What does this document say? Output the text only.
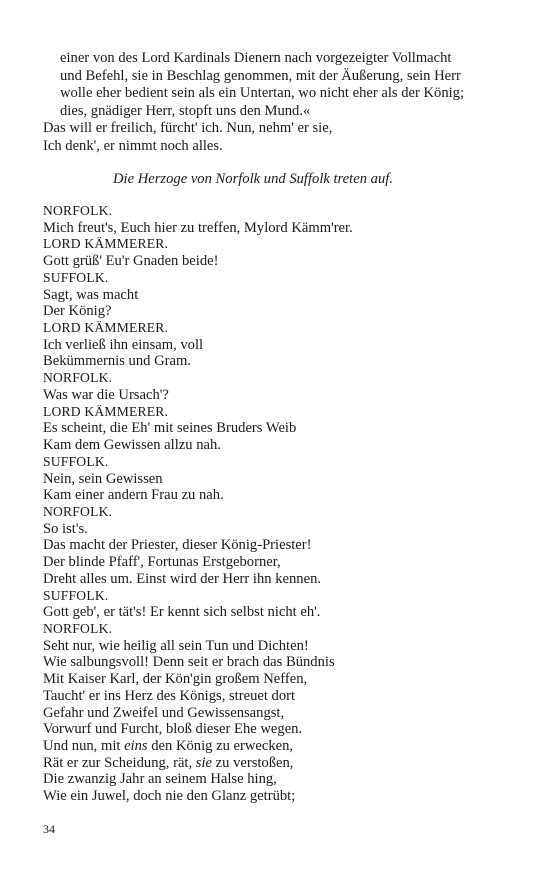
einer von des Lord Kardinals Dienern nach vorgezeigter Vollmacht
und Befehl, sie in Beschlag genommen, mit der Äußerung, sein Herr
wolle eher bedient sein als ein Untertan, wo nicht eher als der König;
dies, gnädiger Herr, stopft uns den Mund.«
Das will er freilich, fürcht' ich. Nun, nehm' er sie,
Ich denk', er nimmt noch alles.
Die Herzoge von Norfolk und Suffolk treten auf.
NORFOLK.
Mich freut's, Euch hier zu treffen, Mylord Kämm'rer.
LORD KÄMMERER.
Gott grüß' Eu'r Gnaden beide!
SUFFOLK.
Sagt, was macht
Der König?
LORD KÄMMERER.
Ich verließ ihn einsam, voll
Bekümmernis und Gram.
NORFOLK.
Was war die Ursach'?
LORD KÄMMERER.
Es scheint, die Eh' mit seines Bruders Weib
Kam dem Gewissen allzu nah.
SUFFOLK.
Nein, sein Gewissen
Kam einer andern Frau zu nah.
NORFOLK.
So ist's.
Das macht der Priester, dieser König-Priester!
Der blinde Pfaff', Fortunas Erstgeborner,
Dreht alles um. Einst wird der Herr ihn kennen.
SUFFOLK.
Gott geb', er tät's! Er kennt sich selbst nicht eh'.
NORFOLK.
Seht nur, wie heilig all sein Tun und Dichten!
Wie salbungsvoll! Denn seit er brach das Bündnis
Mit Kaiser Karl, der Kön'gin großem Neffen,
Taucht' er ins Herz des Königs, streuet dort
Gefahr und Zweifel und Gewissensangst,
Vorwurf und Furcht, bloß dieser Ehe wegen.
Und nun, mit eins den König zu erwecken,
Rät er zur Scheidung, rät, sie zu verstoßen,
Die zwanzig Jahr an seinem Halse hing,
Wie ein Juwel, doch nie den Glanz getrübt;
34
